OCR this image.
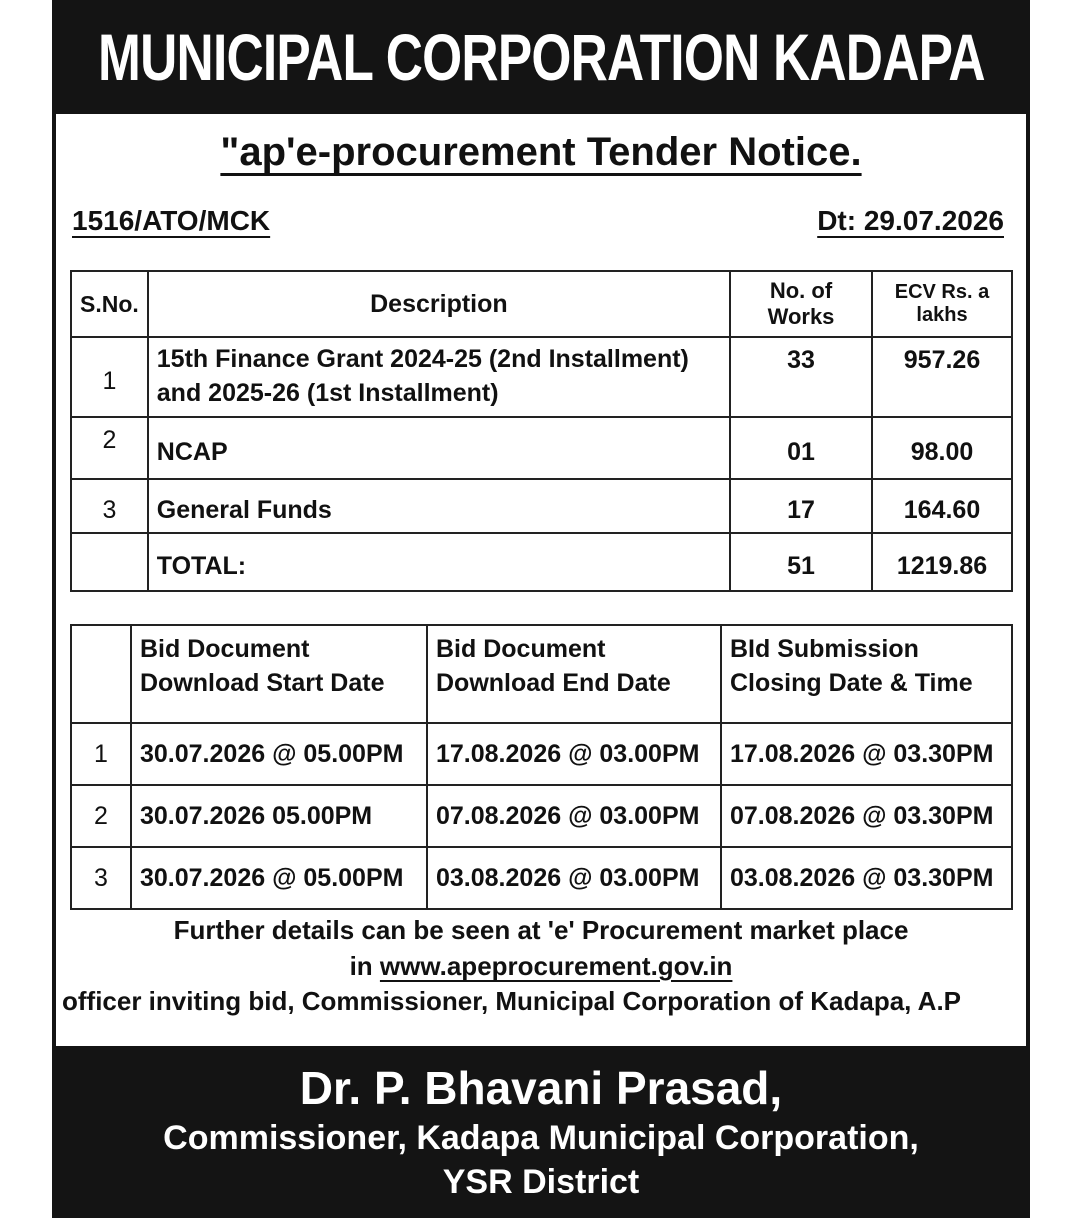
MUNICIPAL CORPORATION KADAPA
"ap'e-procurement Tender Notice.
1516/ATO/MCK	Dt: 29.07.2026
S.No.	Description	No. of Works	ECV Rs. a lakhs
1	15th Finance Grant 2024-25 (2nd Installment) and 2025-26 (1st Installment)	33	957.26
2	NCAP	01	98.00
3	General Funds	17	164.60
	TOTAL:	51	1219.86
	Bid Document Download Start Date	Bid Document Download End Date	BId Submission Closing Date & Time
1	30.07.2026 @ 05.00PM	17.08.2026 @ 03.00PM	17.08.2026 @ 03.30PM
2	30.07.2026 05.00PM	07.08.2026 @ 03.00PM	07.08.2026 @ 03.30PM
3	30.07.2026 @ 05.00PM	03.08.2026 @ 03.00PM	03.08.2026 @ 03.30PM
Further details can be seen at 'e' Procurement market place
in www.apeprocurement.gov.in
officer inviting bid, Commissioner, Municipal Corporation of Kadapa, A.P
Dr. P. Bhavani Prasad,
Commissioner, Kadapa Municipal Corporation,
YSR District
